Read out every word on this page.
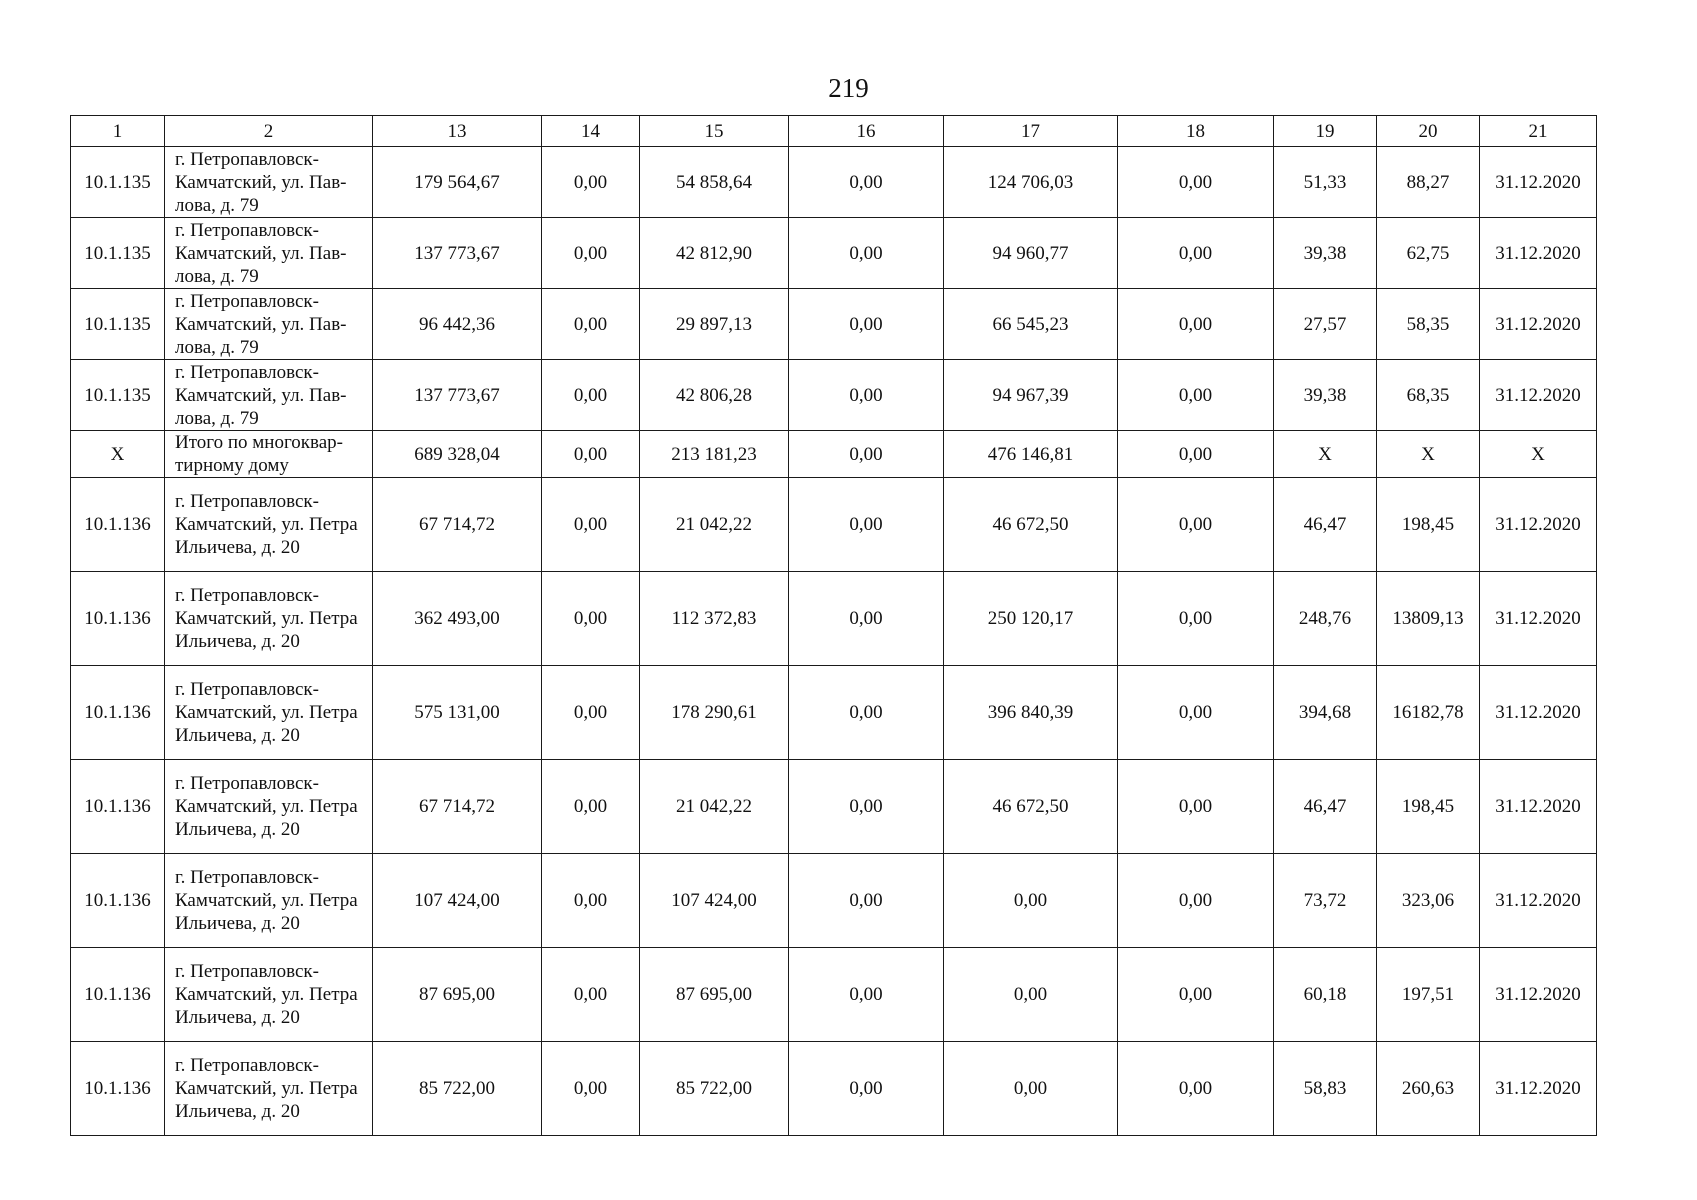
219
1	2	13	14	15	16	17	18	19	20	21
10.1.135	г. Петропавловск-Камчатский, ул. Пав-лова, д. 79	179 564,67	0,00	54 858,64	0,00	124 706,03	0,00	51,33	88,27	31.12.2020
10.1.135	г. Петропавловск-Камчатский, ул. Пав-лова, д. 79	137 773,67	0,00	42 812,90	0,00	94 960,77	0,00	39,38	62,75	31.12.2020
10.1.135	г. Петропавловск-Камчатский, ул. Пав-лова, д. 79	96 442,36	0,00	29 897,13	0,00	66 545,23	0,00	27,57	58,35	31.12.2020
10.1.135	г. Петропавловск-Камчатский, ул. Пав-лова, д. 79	137 773,67	0,00	42 806,28	0,00	94 967,39	0,00	39,38	68,35	31.12.2020
Х	Итого по многоквар-тирному дому	689 328,04	0,00	213 181,23	0,00	476 146,81	0,00	Х	Х	Х
10.1.136	г. Петропавловск-Камчатский, ул. Петра Ильичева, д. 20	67 714,72	0,00	21 042,22	0,00	46 672,50	0,00	46,47	198,45	31.12.2020
10.1.136	г. Петропавловск-Камчатский, ул. Петра Ильичева, д. 20	362 493,00	0,00	112 372,83	0,00	250 120,17	0,00	248,76	13809,13	31.12.2020
10.1.136	г. Петропавловск-Камчатский, ул. Петра Ильичева, д. 20	575 131,00	0,00	178 290,61	0,00	396 840,39	0,00	394,68	16182,78	31.12.2020
10.1.136	г. Петропавловск-Камчатский, ул. Петра Ильичева, д. 20	67 714,72	0,00	21 042,22	0,00	46 672,50	0,00	46,47	198,45	31.12.2020
10.1.136	г. Петропавловск-Камчатский, ул. Петра Ильичева, д. 20	107 424,00	0,00	107 424,00	0,00	0,00	0,00	73,72	323,06	31.12.2020
10.1.136	г. Петропавловск-Камчатский, ул. Петра Ильичева, д. 20	87 695,00	0,00	87 695,00	0,00	0,00	0,00	60,18	197,51	31.12.2020
10.1.136	г. Петропавловск-Камчатский, ул. Петра Ильичева, д. 20	85 722,00	0,00	85 722,00	0,00	0,00	0,00	58,83	260,63	31.12.2020
